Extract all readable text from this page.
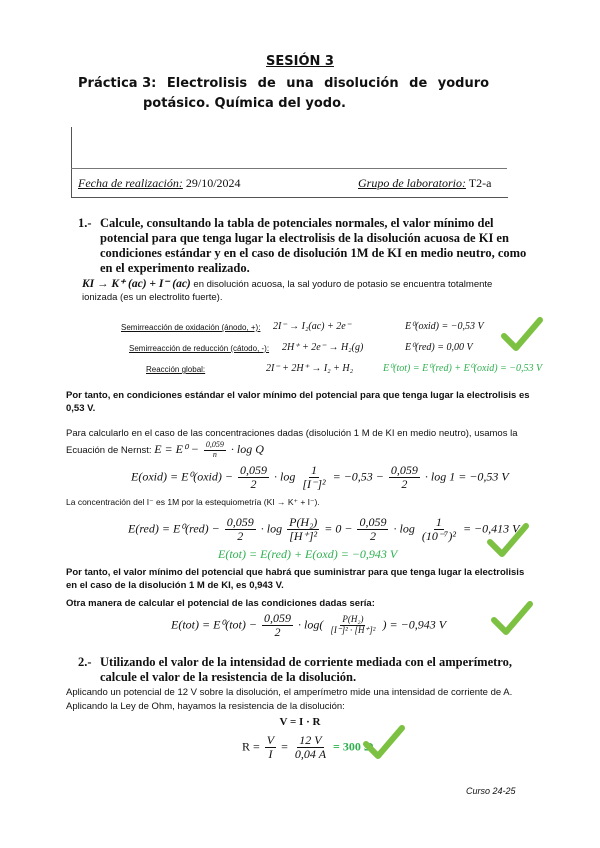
SESIÓN 3
Práctica 3: Electrolisis de una disolución de yoduro
potásico. Química del yodo.
Fecha de realización: 29/10/2024	Grupo de laboratorio: T2-a
1.- Calcule, consultando la tabla de potenciales normales, el valor mínimo del potencial para que tenga lugar la electrolisis de la disolución acuosa de KI en condiciones estándar y en el caso de disolución 1M de KI en medio neutro, como en el experimento realizado.
KI → K⁺ (ac) + I⁻ (ac) en disolución acuosa, la sal yoduro de potasio se encuentra totalmente ionizada (es un electrolito fuerte).
Semirreacción de oxidación (ánodo, +): 2I⁻ → I₂(ac) + 2e⁻	E⁰(oxid) = −0,53 V
Semirreacción de reducción (cátodo, -): 2H⁺ + 2e⁻ → H₂(g)	E⁰(red) = 0,00 V
Reacción global:	2I⁻ + 2H⁺ → I₂ + H₂	E⁰(tot) = E⁰(red) + E⁰(oxid) = −0,53 V
Por tanto, en condiciones estándar el valor mínimo del potencial para que tenga lugar la electrolisis es 0,53 V.
Para calcularlo en el caso de las concentraciones dadas (disolución 1 M de KI en medio neutro), usamos la Ecuación de Nernst: $E = E^0 - \frac{0,059}{n} \cdot \log Q$
E(oxid) = E⁰(oxid) − $\frac{0,059}{2} \cdot \log \frac{1}{\text{[I⁻]²}} = -0,53 - \frac{0,059}{2} \cdot \log 1 = -0,53$ V
La concentración del I⁻ es 1M por la estequiometría (KI → K⁺ + I⁻).
$E(red) = E^0(red) - \frac{0,059}{2} \cdot \log \frac{\text{P(H₂)}}{\text{[H⁺]²}} = 0 - \frac{0,059}{2} \cdot \log \frac{1}{\text{(10⁻⁷)²}} = -0,413$ V
E(tot) = E(red) + E(oxd) = −0,943 V
Por tanto, el valor mínimo del potencial que habrá que suministrar para que tenga lugar la electrolisis en el caso de la disolución 1 M de KI, es 0,943 V.
Otra manera de calcular el potencial de las condiciones dadas sería:
$E(tot) = E^0(tot) - \frac{0,059}{2} \cdot \log( \frac{\text{P(H₂)}}{\text{[I⁻]² · [H⁺]²}}$ ) = −0,943 V
2.- Utilizando el valor de la intensidad de corriente mediada con el amperímetro, calcule el valor de la resistencia de la disolución.
Aplicando un potencial de 12 V sobre la disolución, el amperímetro mide una intensidad de corriente de A. Aplicando la Ley de Ohm, hayamos la resistencia de la disolución:
V = I · R
$R = \frac{V}{I} = \frac{12 V}{0,04 A} = 300$ Ω
Curso 24-25
